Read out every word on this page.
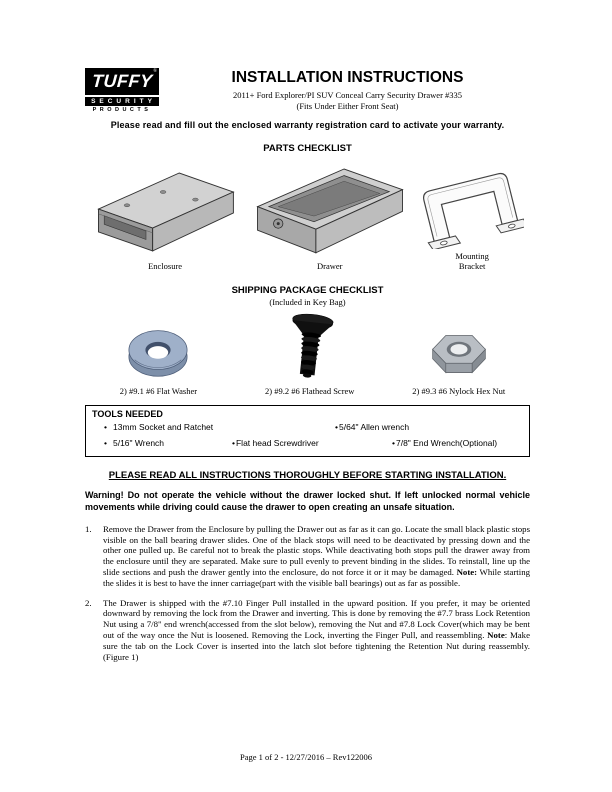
TUFFY ®
SECURITY
PRODUCTS
INSTALLATION INSTRUCTIONS
2011+ Ford Explorer/PI SUV Conceal Carry Security Drawer #335
(Fits Under Either Front Seat)
Please read and fill out the enclosed warranty registration card to activate your warranty.
PARTS CHECKLIST
Enclosure	Drawer
Mounting Bracket
SHIPPING PACKAGE CHECKLIST
(Included in Key Bag)
2) #9.1 #6 Flat Washer	2) #9.2 #6 Flathead Screw	2) #9.3 #6 Nylock Hex Nut
TOOLS NEEDED
• 13mm Socket and Ratchet	•5/64" Allen wrench
• 5/16" Wrench	•Flat head Screwdriver	•7/8" End Wrench(Optional)
PLEASE READ ALL INSTRUCTIONS THOROUGHLY BEFORE STARTING INSTALLATION.
Warning! Do not operate the vehicle without the drawer locked shut. If left unlocked normal vehicle movements while driving could cause the drawer to open creating an unsafe situation.
1.	Remove the Drawer from the Enclosure by pulling the Drawer out as far as it can go. Locate the small black plastic stops visible on the ball bearing drawer slides. One of the black stops will need to be deactivated by pressing down and the other one pulled up. Be careful not to break the plastic stops. While deactivating both stops pull the drawer away from the enclosure until they are separated. Make sure to pull evenly to prevent binding in the slides. To reinstall, line up the slide sections and push the drawer gently into the enclosure, do not force it or it may be damaged. Note: While starting the slides it is best to have the inner carriage(part with the visible ball bearings) out as far as possible.
2.	The Drawer is shipped with the #7.10 Finger Pull installed in the upward position. If you prefer, it may be oriented downward by removing the lock from the Drawer and inverting. This is done by removing the #7.7 brass Lock Retention Nut using a 7/8" end wrench(accessed from the slot below), removing the Nut and #7.8 Lock Cover(which may be bent out of the way once the Nut is loosened. Removing the Lock, inverting the Finger Pull, and reassembling. Note: Make sure the tab on the Lock Cover is inserted into the latch slot before tightening the Retention Nut during reassembly.(Figure 1)
Page 1 of 2 - 12/27/2016 – Rev122006
